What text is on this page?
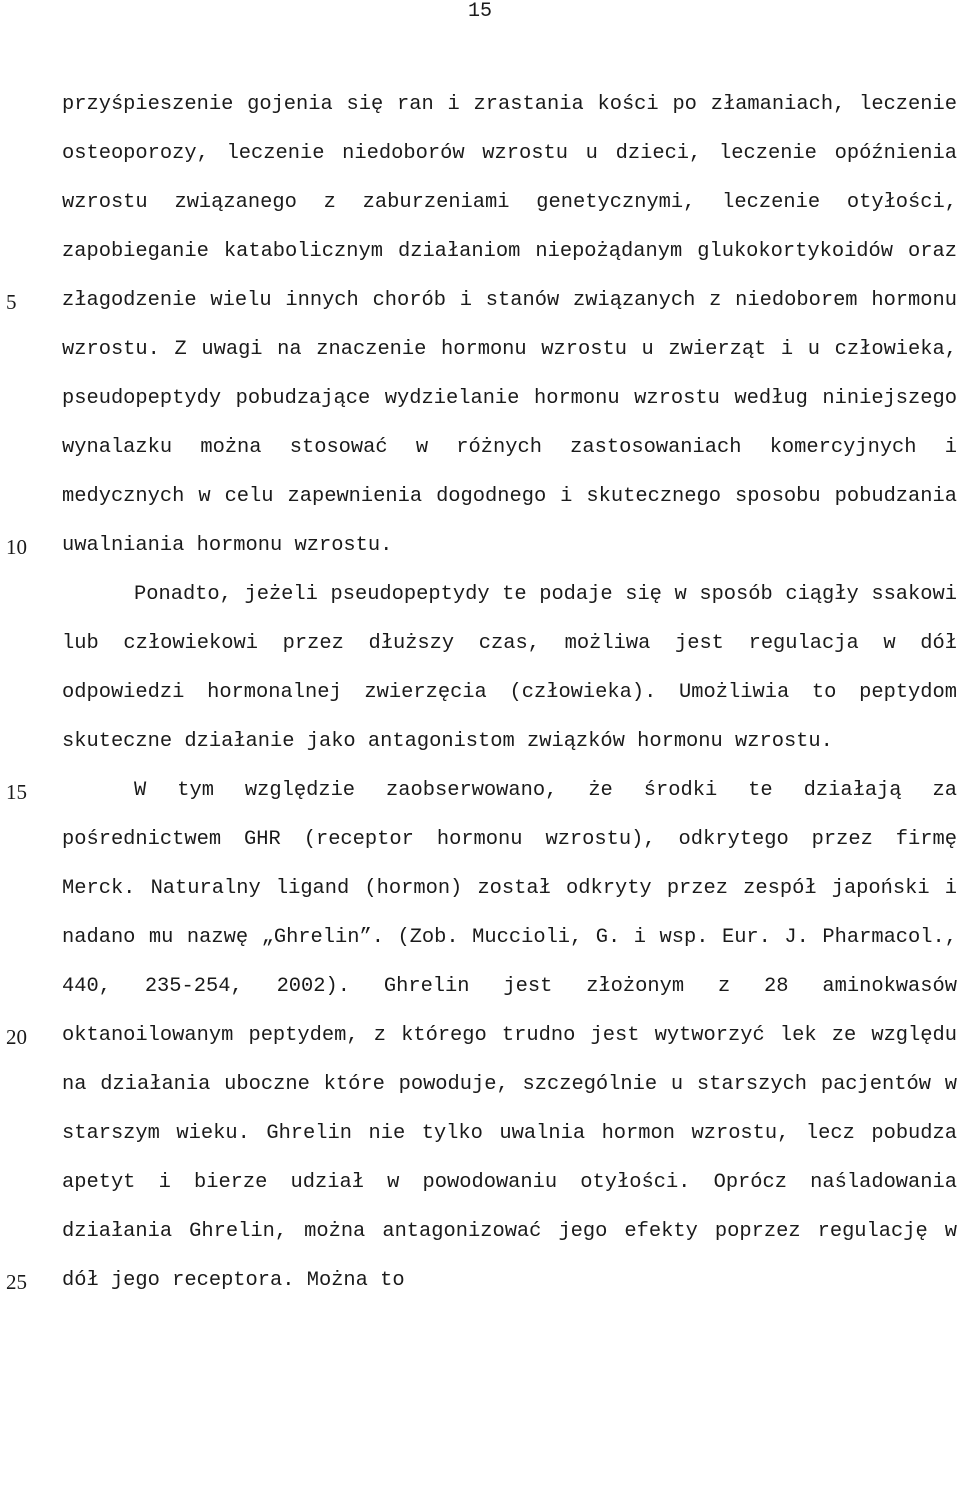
15
5
10
15
20
25

przyśpieszenie gojenia się ran i zrastania kości po złamaniach, leczenie osteoporozy, leczenie niedoborów wzrostu u dzieci, leczenie opóźnienia wzrostu związanego z zaburzeniami genetycznymi, leczenie otyłości, zapobieganie katabolicznym działaniom niepożądanym glukokortykoidów oraz złagodzenie wielu innych chorób i stanów związanych z niedoborem hormonu wzrostu. Z uwagi na znaczenie hormonu wzrostu u zwierząt i u człowieka, pseudopeptydy pobudzające wydzielanie hormonu wzrostu według niniejszego wynalazku można stosować w różnych zastosowaniach komercyjnych i medycznych w celu zapewnienia dogodnego i skutecznego sposobu pobudzania uwalniania hormonu wzrostu.

Ponadto, jeżeli pseudopeptydy te podaje się w sposób ciągły ssakowi lub człowiekowi przez dłuższy czas, możliwa jest regulacja w dół odpowiedzi hormonalnej zwierzęcia (człowieka). Umożliwia to peptydom skuteczne działanie jako antagonistom związków hormonu wzrostu.

W tym względzie zaobserwowano, że środki te działają za pośrednictwem GHR (receptor hormonu wzrostu), odkrytego przez firmę Merck. Naturalny ligand (hormon) został odkryty przez zespół japoński i nadano mu nazwę „Ghrelin”. (Zob. Muccioli, G. i wsp. Eur. J. Pharmacol., 440, 235-254, 2002). Ghrelin jest złożonym z 28 aminokwasów oktanoilowanym peptydem, z którego trudno jest wytworzyć lek ze względu na działania uboczne które powoduje, szczególnie u starszych pacjentów w starszym wieku. Ghrelin nie tylko uwalnia hormon wzrostu, lecz pobudza apetyt i bierze udział w powodowaniu otyłości. Oprócz naśladowania działania Ghrelin, można antagonizować jego efekty poprzez regulację w dół jego receptora. Można to
